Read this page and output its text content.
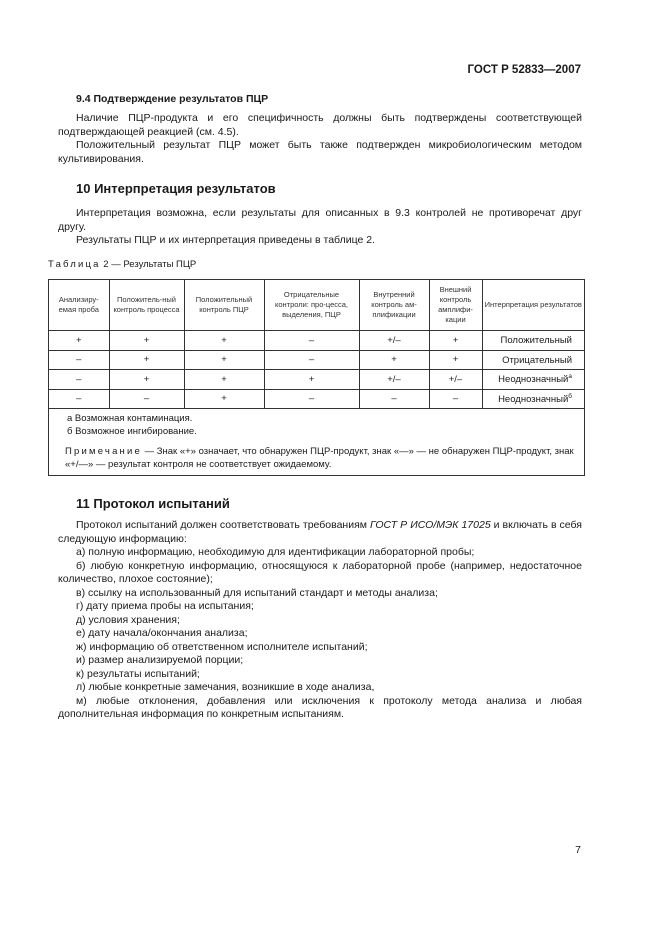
ГОСТ Р 52833—2007
9.4 Подтверждение результатов ПЦР

Наличие ПЦР-продукта и его специфичность должны быть подтверждены соответствующей подтверждающей реакцией (см. 4.5).

Положительный результат ПЦР может быть также подтвержден микробиологическим методом культивирования.

10 Интерпретация результатов

Интерпретация возможна, если результаты для описанных в 9.3 контролей не противоречат друг другу.

Результаты ПЦР и их интерпретация приведены в таблице 2.

Таблица 2 — Результаты ПЦР
Анализиру-емая проба	Положитель-ный контроль процесса	Положительный контроль ПЦР	Отрицательные контроли: про-цесса, выделения, ПЦР	Внутренний контроль ам-плификации	Внешний контроль амплифи-кации	Интерпретация результатов
+	+	+	–	+/–	+	Положительный
–	+	+	–	+	+	Отрицательный
–	+	+	+	+/–	+/–	Неоднозначный$^а$
–	–	+	–	–	–	Неоднозначный$^б$

а Возможная контаминация.

б Возможное ингибирование.

Примечание — Знак «+» означает, что обнаружен ПЦР-продукт, знак «—» — не обнаружен ПЦР-продукт, знак «+/—» — результат контроля не соответствует ожидаемому.

11 Протокол испытаний
Протокол испытаний должен соответствовать требованиям ГОСТ Р ИСО/МЭК 17025 и включать в себя следующую информацию:
а) полную информацию, необходимую для идентификации лабораторной пробы;
б) любую конкретную информацию, относящуюся к лабораторной пробе (например, недостаточное количество, плохое состояние);
в) ссылку на использованный для испытаний стандарт и методы анализа;
г) дату приема пробы на испытания;
д) условия хранения;
е) дату начала/окончания анализа;
ж) информацию об ответственном исполнителе испытаний;
и) размер анализируемой порции;
к) результаты испытаний;
л) любые конкретные замечания, возникшие в ходе анализа,
м) любые отклонения, добавления или исключения к протоколу метода анализа и любая дополнительная информация по конкретным испытаниям.
7
